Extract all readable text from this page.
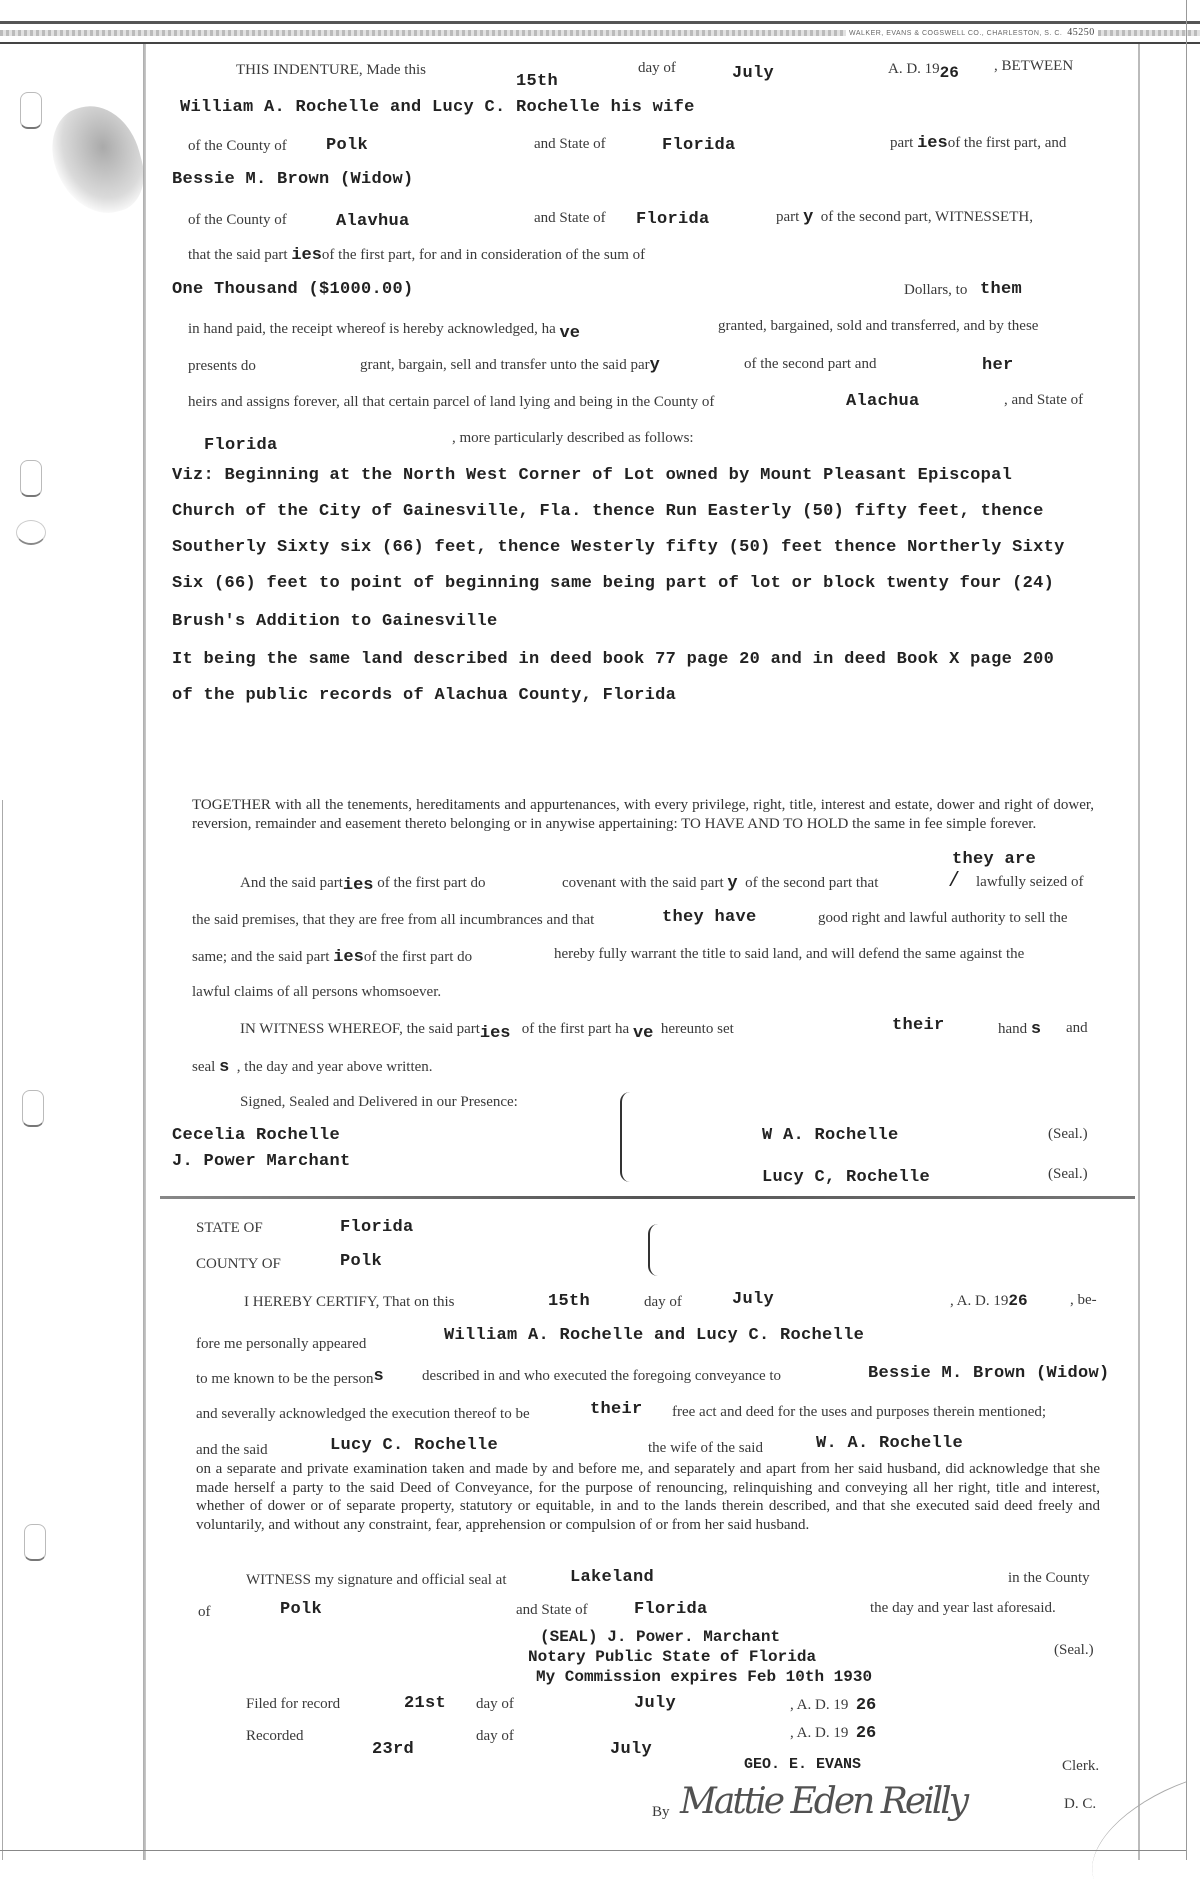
WALKER, EVANS & COGSWELL CO., CHARLESTON, S. C. 45250
THIS INDENTURE, Made this
15th
day of	July	A. D. 1926 , BETWEEN
William A. Rochelle and Lucy C. Rochelle his wife
of the County of Polk	and State of	Florida	part iesof the first part, and
Bessie M. Brown (Widow)
of the County of	Alavhua	and State of Florida	part y of the second part, WITNESSETH,
that the said part iesof the first part, for and in consideration of the sum of
One Thousand ($1000.00)	Dollars, to them
in hand paid, the receipt whereof is hereby acknowledged, ha ve	granted, bargained, sold and transferred, and by these
presents do	grant, bargain, sell and transfer unto the said pary	of the second part and	her
heirs and assigns forever, all that certain parcel of land lying and being in the County of	Alachua	, and State of
Florida	, more particularly described as follows:
Viz: Beginning at the North West Corner of Lot owned by Mount Pleasant Episcopal
Church of the City of Gainesville, Fla. thence Run Easterly (50) fifty feet, thence
Southerly Sixty six (66) feet, thence Westerly fifty (50) feet thence Northerly Sixty
Six (66) feet to point of beginning same being part of lot or block twenty four (24)
Brush's Addition to Gainesville
It being the same land described in deed book 77 page 20 and in deed Book X page 200
of the public records of Alachua County, Florida
TOGETHER with all the tenements, hereditaments and appurtenances, with every privilege, right, title, interest and estate, dower and right of dower, reversion, remainder and easement thereto belonging or in anywise appertaining: TO HAVE AND TO HOLD the same in fee simple forever.
they are
And the said parties of the first part do	covenant with the said part y of the second part that	/ lawfully seized of
the said premises, that they are free from all incumbrances and that	they have	good right and lawful authority to sell the
same; and the said part iesof the first part do	hereby fully warrant the title to said land, and will defend the same against the
lawful claims of all persons whomsoever.
IN WITNESS WHEREOF, the said parties of the first part ha ve hereunto set	their	hand s and
seal s , the day and year above written.
Signed, Sealed and Delivered in our Presence:
Cecelia Rochelle
J. Power Marchant
W A. Rochelle
Lucy C, Rochelle
(Seal.)
(Seal.)
STATE OF	Florida
COUNTY OF	Polk
I HEREBY CERTIFY, That on this	15th	day of	July	, A. D. 1926	, be-
fore me personally appeared	William A. Rochelle and Lucy C. Rochelle
to me known to be the persons	described in and who executed the foregoing conveyance to	Bessie M. Brown (Widow)
and severally acknowledged the execution thereof to be	their free act and deed for the uses and purposes therein mentioned;
and the said	Lucy C. Rochelle	the wife of the said	W. A. Rochelle
on a separate and private examination taken and made by and before me, and separately and apart from her said husband, did acknowledge that she made herself a party to the said Deed of Conveyance, for the purpose of renouncing, relinquishing and conveying all her right, title and interest, whether of dower or of separate property, statutory or equitable, in and to the lands therein described, and that she executed said deed freely and voluntarily, and without any constraint, fear, apprehension or compulsion of or from her said husband.
WITNESS my signature and official seal at	Lakeland	in the County
of	Polk	and State of	Florida	the day and year last aforesaid.
(SEAL) J. Power. Marchant
Notary Public State of Florida
My Commission expires Feb 10th 1930
(Seal.)
Filed for record	21st day of	July	, A. D. 19 26
Recorded
23rd
day of
July
, A. D. 19 26
GEO. E. EVANS	Clerk.
By Mattie Eden Reilly	D. C.
